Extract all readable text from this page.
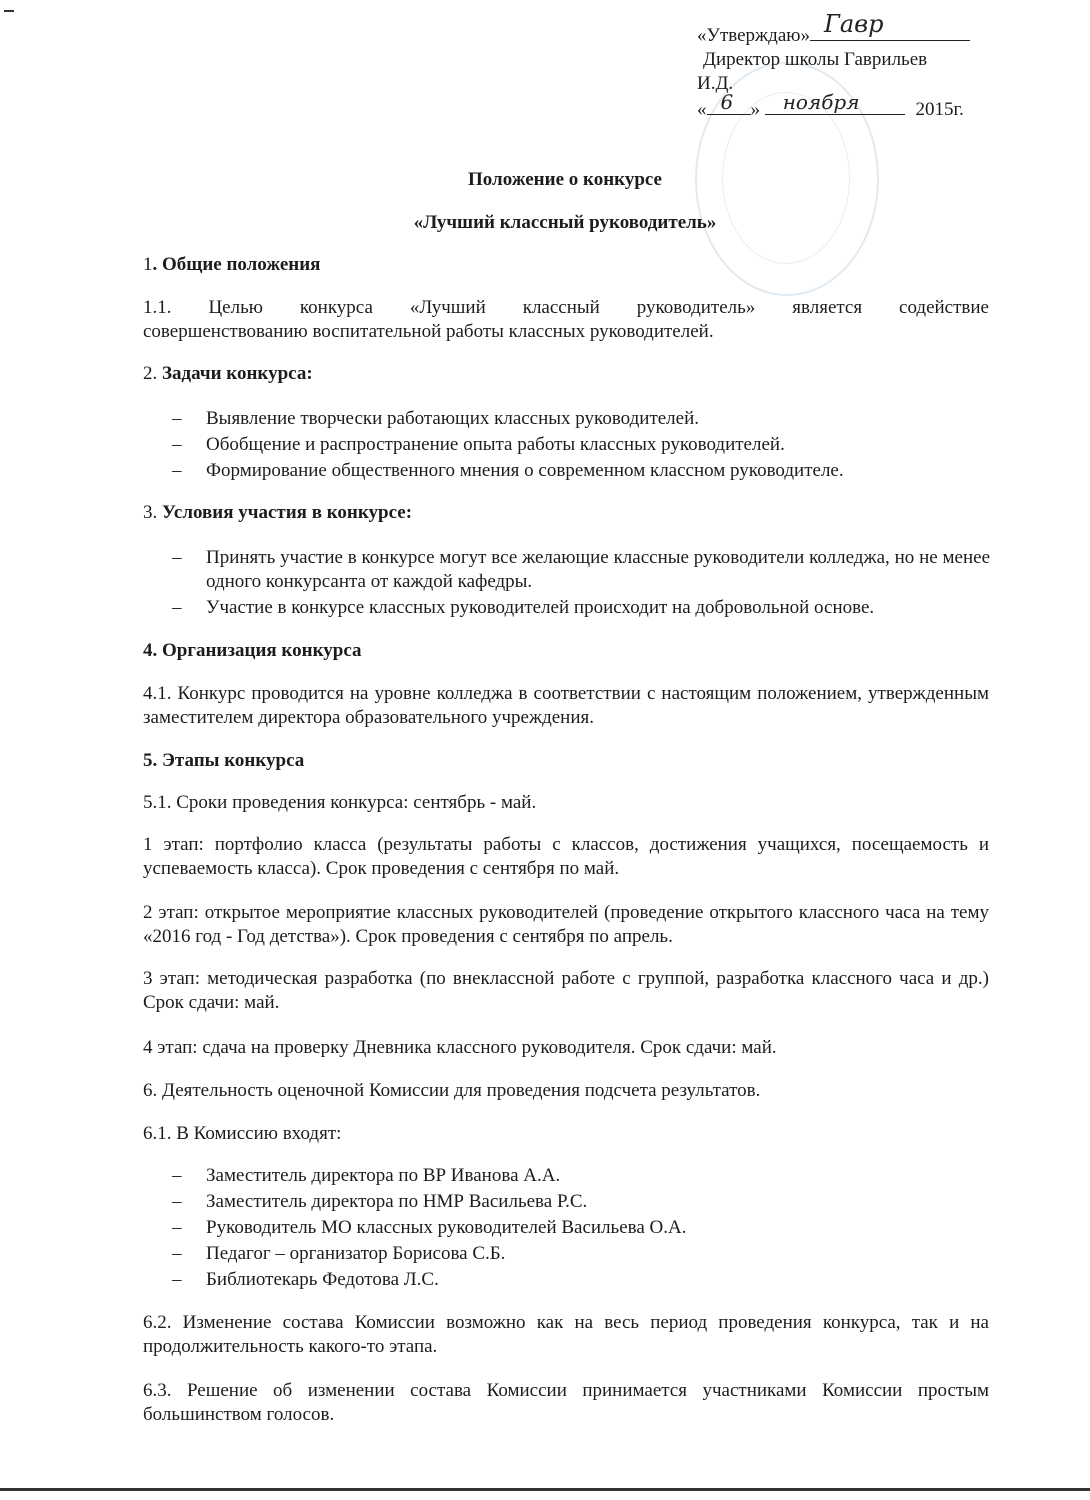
«Утверждаю» Гавр
Директор школы Гаврильев
И.Д.
« 6 » ноября	2015г.
Положение о конкурсе
«Лучший классный руководитель»
1. Общие положения
1.1. Целью конкурса «Лучший классный руководитель» является содействие
совершенствованию воспитательной работы классных руководителей.
2. Задачи конкурса:
– Выявление творчески работающих классных руководителей.
– Обобщение и распространение опыта работы классных руководителей.
– Формирование общественного мнения о современном классном руководителе.
3. Условия участия в конкурсе:
– Принять участие в конкурсе могут все желающие классные руководители колледжа, но не менее одного конкурсанта от каждой кафедры.
– Участие в конкурсе классных руководителей происходит на добровольной основе.
4. Организация конкурса
4.1. Конкурс проводится на уровне колледжа в соответствии с настоящим положением, утвержденным заместителем директора образовательного учреждения.
5. Этапы конкурса
5.1. Сроки проведения конкурса: сентябрь - май.
1 этап: портфолио класса (результаты работы с классов, достижения учащихся, посещаемость и успеваемость класса). Срок проведения с сентября по май.
2 этап: открытое мероприятие классных руководителей (проведение открытого классного часа на тему «2016 год - Год детства»). Срок проведения с сентября по апрель.
3 этап: методическая разработка (по внеклассной работе с группой, разработка классного часа и др.) Срок сдачи: май.
4 этап: сдача на проверку Дневника классного руководителя. Срок сдачи: май.
6. Деятельность оценочной Комиссии для проведения подсчета результатов.
6.1. В Комиссию входят:
– Заместитель директора по ВР Иванова А.А.
– Заместитель директора по НМР Васильева Р.С.
– Руководитель МО классных руководителей Васильева О.А.
– Педагог – организатор Борисова С.Б.
– Библиотекарь Федотова Л.С.
6.2. Изменение состава Комиссии возможно как на весь период проведения конкурса, так и на продолжительность какого-то этапа.
6.3. Решение об изменении состава Комиссии принимается участниками Комиссии простым большинством голосов.
